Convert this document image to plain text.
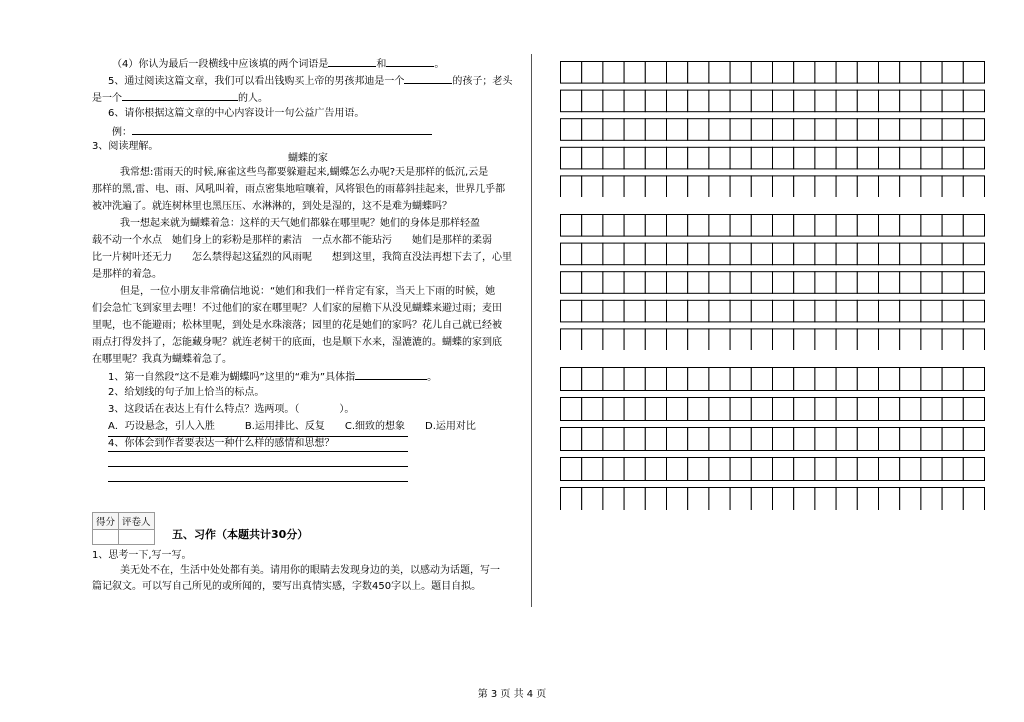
（4）你认为最后一段横线中应该填的两个词语是	和	。
5、通过阅读这篇文章，我们可以看出钱购买上帝的男孩邦迪是一个	的孩子；老头
是一个	的人。
6、请你根据这篇文章的中心内容设计一句公益广告用语。
例：
3、阅读理解。
蝴蝶的家
我常想:雷雨天的时候,麻雀这些鸟都要躲避起来,蝴蝶怎么办呢?天是那样的低沉,云是
那样的黑,雷、电、雨、风吼叫着，雨点密集地喧嚷着，风将银色的雨幕斜挂起来，世界几乎都
被冲洗遍了。就连树林里也黑压压、水淋淋的，到处是湿的，这不是难为蝴蝶吗？
我一想起来就为蝴蝶着急：这样的天气她们都躲在哪里呢？她们的身体是那样轻盈
载不动一个水点　她们身上的彩粉是那样的素洁　一点水都不能玷污　　她们是那样的柔弱
比一片树叶还无力　　怎么禁得起这猛烈的风雨呢　　想到这里，我简直没法再想下去了，心里
是那样的着急。
但是，一位小朋友非常确信地说：“她们和我们一样肯定有家，当天上下雨的时候，她
们会急忙飞到家里去哩！不过他们的家在哪里呢？人们家的屋檐下从没见蝴蝶来避过雨；麦田
里呢，也不能避雨；松林里呢，到处是水珠滚落；园里的花是她们的家吗？花儿自己就已经被
雨点打得发抖了，怎能藏身呢？就连老树干的底面，也是顺下水来，湿漉漉的。蝴蝶的家到底
在哪里呢？我真为蝴蝶着急了。
1、第一自然段“这不是难为蝴蝶吗”这里的“难为”具体指	。
2、给划线的句子加上恰当的标点。
3、这段话在表达上有什么特点？选两项。（　　　　）。
A．巧设悬念，引人入胜　　　B.运用排比、反复　　C.细致的想象　　D.运用对比
4、你体会到作者要表达一种什么样的感情和思想？
得分	评卷人

五、习作（本题共计30分）
1、思考一下,写一写。
美无处不在，生活中处处都有美。请用你的眼睛去发现身边的美，以感动为话题，写一
篇记叙文。可以写自己所见的或所闻的，要写出真情实感，字数450字以上。题目自拟。
第 3 页 共 4 页
